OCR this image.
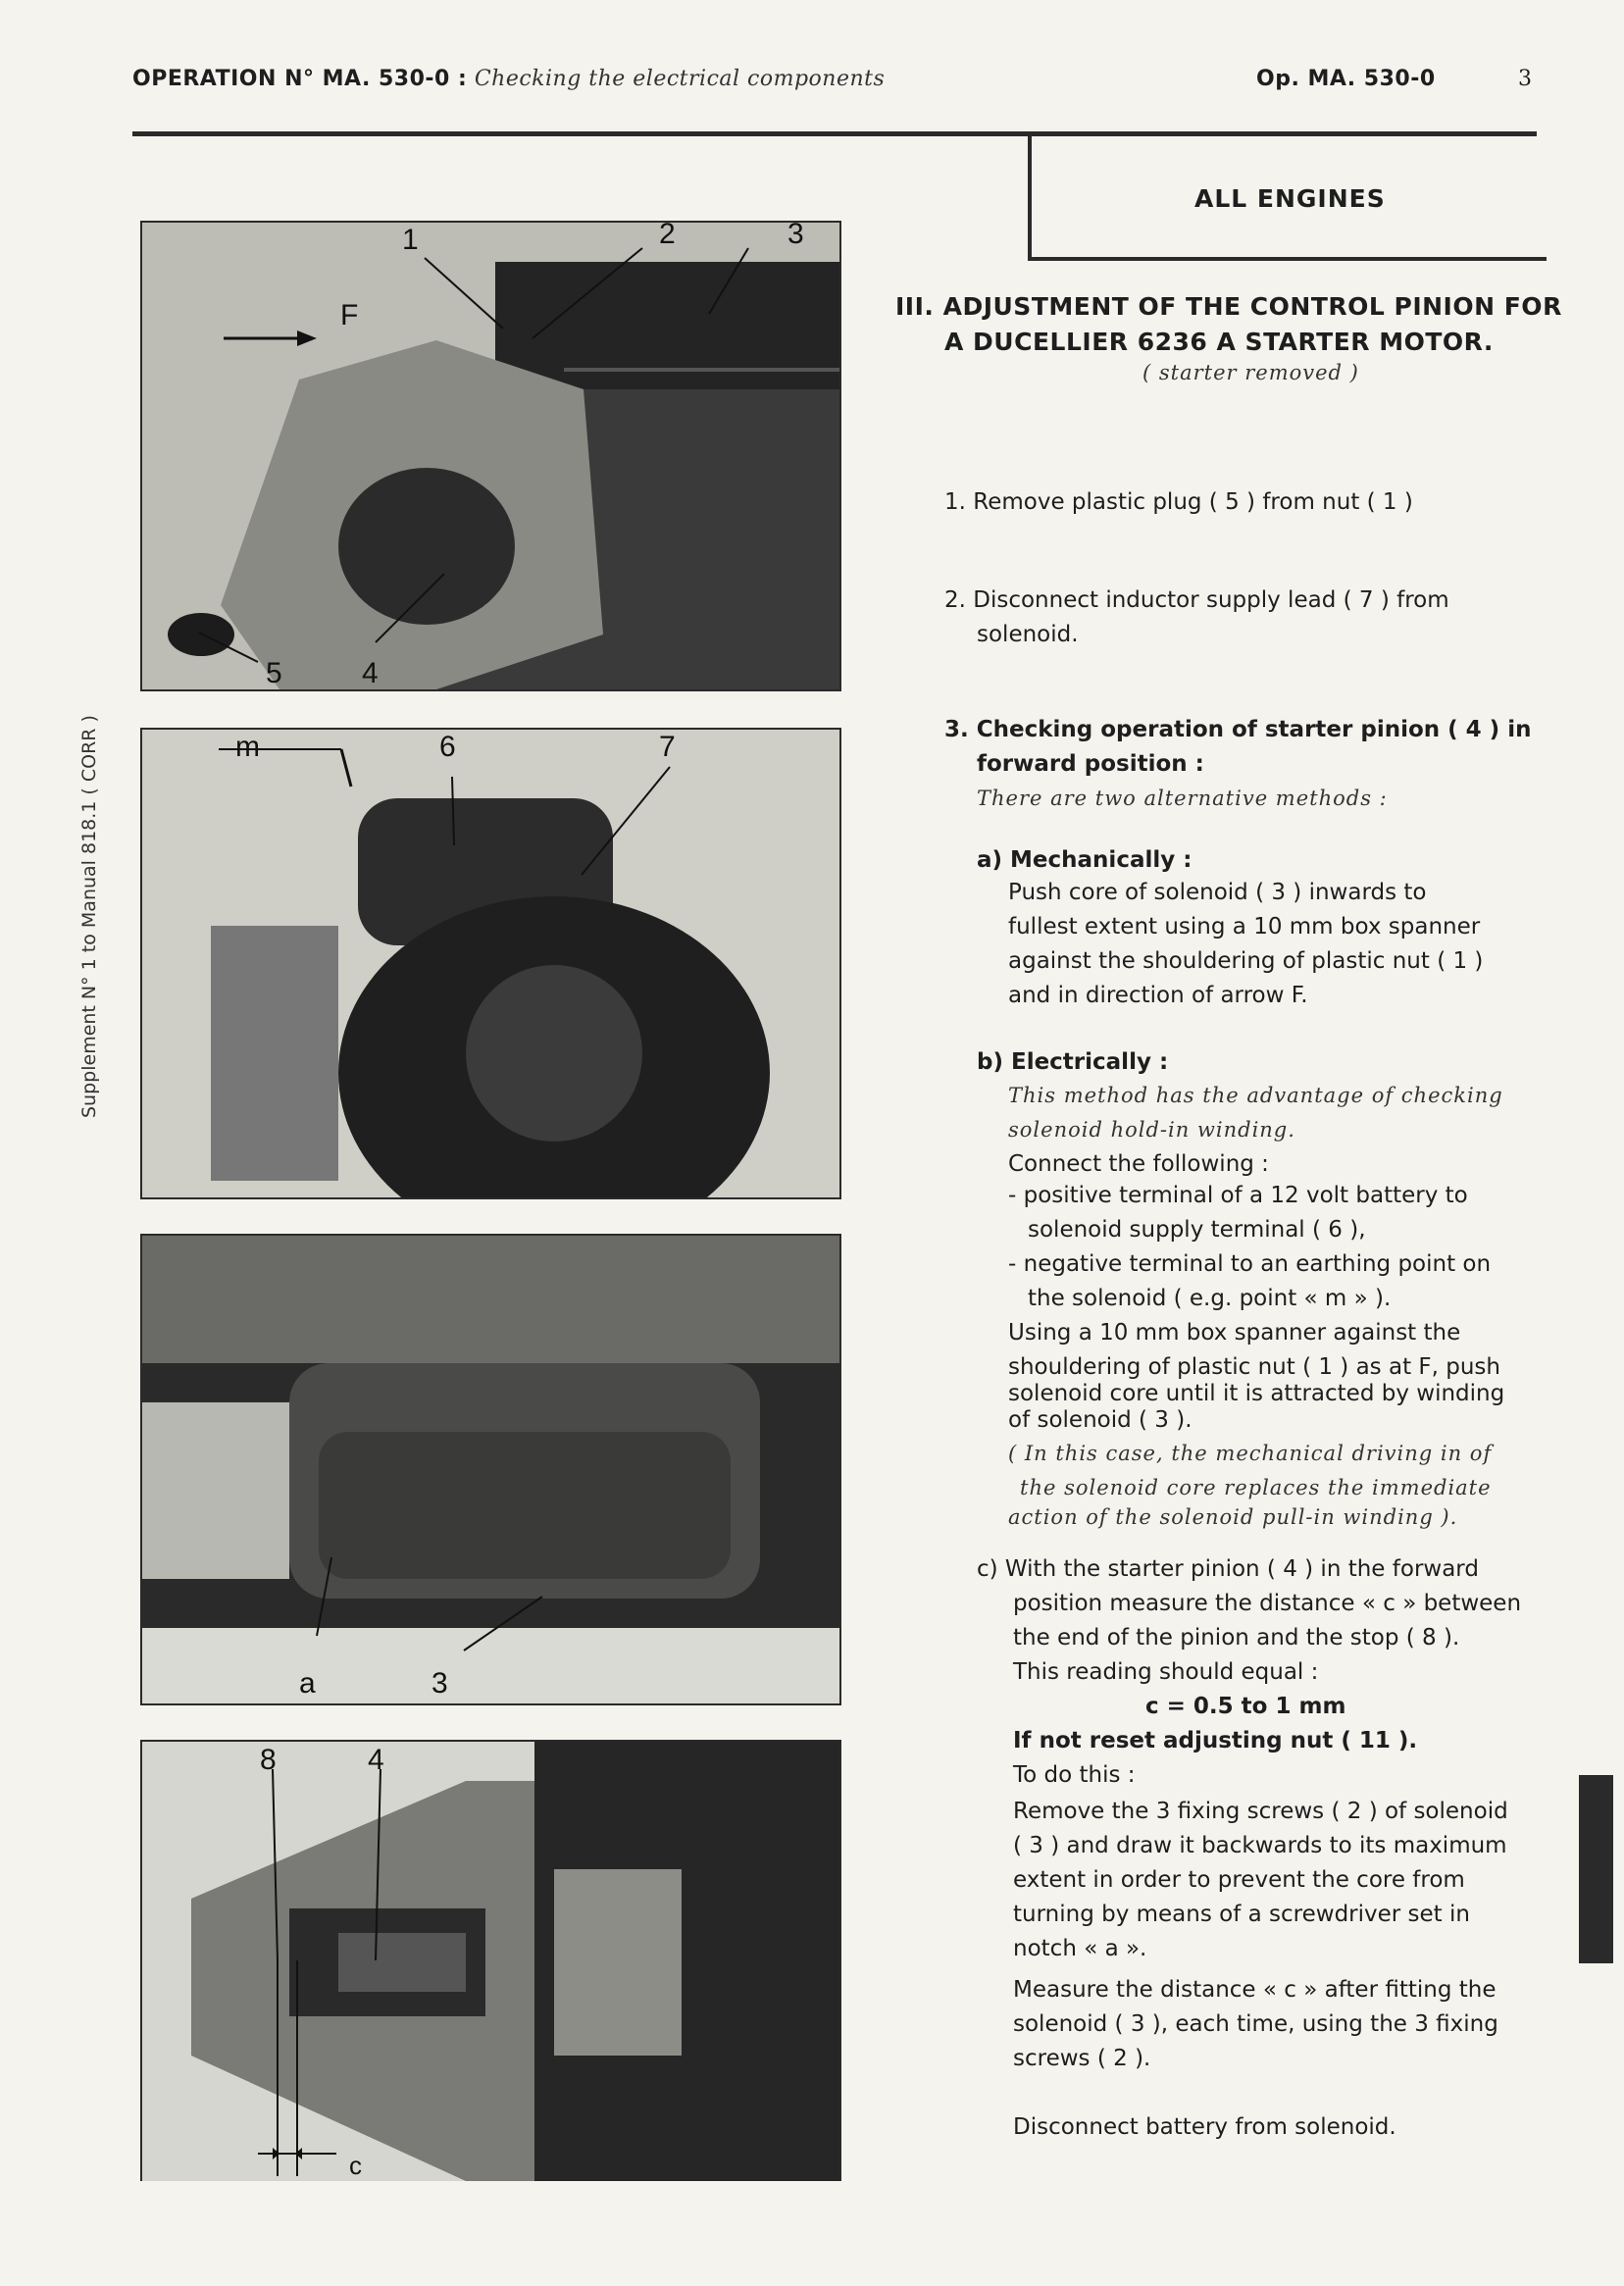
OPERATION N° MA. 530-0 : Checking the electrical components	Op. MA. 530-0	3
ALL ENGINES
Supplement N° 1 to Manual 818.1 ( CORR )
1	2	3
F
5	4
m	6	7
a	3
8	4
c
III. ADJUSTMENT OF THE CONTROL PINION FOR
A DUCELLIER 6236 A STARTER MOTOR.
( starter removed )
1. Remove plastic plug ( 5 ) from nut ( 1 )
2. Disconnect inductor supply lead ( 7 ) from
solenoid.
3. Checking operation of starter pinion ( 4 ) in
forward position :
There are two alternative methods :
a) Mechanically :
Push core of solenoid ( 3 ) inwards to
fullest extent using a 10 mm box spanner
against the shouldering of plastic nut ( 1 )
and in direction of arrow F.
b) Electrically :
This method has the advantage of checking
solenoid hold-in winding.
Connect the following :
- positive terminal of a 12 volt battery to
solenoid supply terminal ( 6 ),
- negative terminal to an earthing point on
the solenoid ( e.g. point « m » ).
Using a 10 mm box spanner against the
shouldering of plastic nut ( 1 ) as at F, push
solenoid core until it is attracted by winding
of solenoid ( 3 ).
( In this case, the mechanical driving in of
the solenoid core replaces the immediate
action of the solenoid pull-in winding ).
c) With the starter pinion ( 4 ) in the forward
position measure the distance « c » between
the end of the pinion and the stop ( 8 ).
This reading should equal :
c = 0.5 to 1 mm
If not reset adjusting nut ( 11 ).
To do this :
Remove the 3 fixing screws ( 2 ) of solenoid
( 3 ) and draw it backwards to its maximum
extent in order to prevent the core from
turning by means of a screwdriver set in
notch « a ».
Measure the distance « c » after fitting the
solenoid ( 3 ), each time, using the 3 fixing
screws ( 2 ).
Disconnect battery from solenoid.
